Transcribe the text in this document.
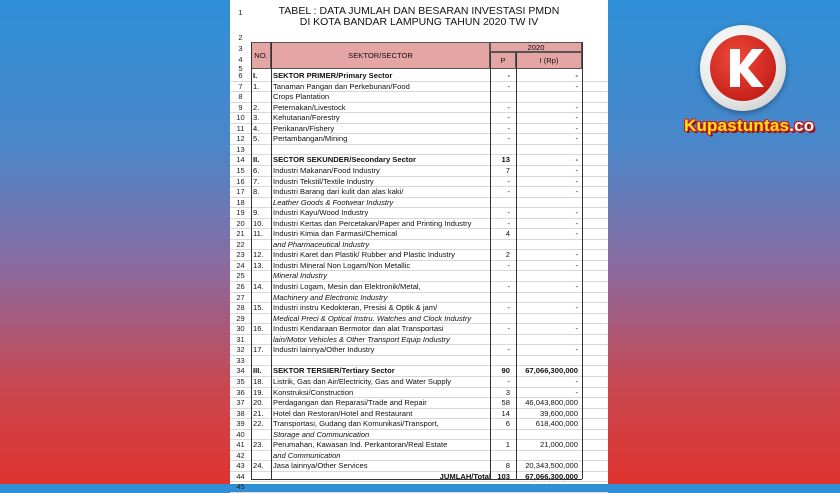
TABEL : DATA JUMLAH DAN BESARAN INVESTASI PMDN
DI KOTA BANDAR LAMPUNG TAHUN 2020 TW IV
NO.	SEKTOR/SECTOR
2020
P	I (Rp)
1
2
3
4
5
6	I. SEKTOR PRIMER/Primary Sector	-	-
7	1. Tanaman Pangan dan Perkebunan/Food	-	-
8	Crops Plantation
9	2. Peternakan/Livestock	-	-
10	3. Kehutanan/Forestry	-	-
11	4. Perikanan/Fishery	-	-
12	5. Pertambangan/Mining	-	-
13
14	II. SECTOR SEKUNDER/Secondary Sector	13	-
15	6. Industri Makanan/Food Industry	7	-
16	7. Industri Tekstil/Textile Industry	-	-
17	8. Industri Barang dari kulit dan alas kaki/	-	-
18	Leather Goods & Footwear Industry
19	9. Industri Kayu/Wood Industry	-	-
20	10. Industri Kertas dan Percetakan/Paper and Printing Industry	-	-
21	11. Industri Kimia dan Farmasi/Chemical	4	-
22	and Pharmaceutical Industry
23	12. Industri Karet dan Plastik/ Rubber and Plastic Industry	2	-
24	13. Industri Mineral Non Logam/Non Metallic	-	-
25	Mineral Industry
26	14. Industri Logam, Mesin dan Elektronik/Metal,	-	-
27	Machinery and Electronic Industry
28	15. Industri instru Kedokteran, Presisi & Optik & jam/	-	-
29	Medical Preci & Optical Instru. Watches and Clock Industry
30	16. Industri Kendaraan Bermotor dan alat Transportasi	-	-
31	lain/Motor Vehicles & Other Transport Equip Industry
32	17. Industri lainnya/Other Industry	-	-
33
34	III. SEKTOR TERSIER/Tertiary Sector	90	67,066,300,000
35	18. Listrik, Gas dan Air/Electricity, Gas and Water Supply	-	-
36	19. Konstruksi/Construction	3	-
37	20. Perdagangan dan Reparasi/Trade and Repair	58	46,043,800,000
38	21. Hotel dan Restoran/Hotel and Restaurant	14	39,600,000
39	22. Transportasi, Gudang dan Komunikasi/Transport,	6	618,400,000
40	Storage and Communication
41	23. Perumahan, Kawasan Ind. Perkantoran/Real Estate	1	21,000,000
42	and Communication
43	24. Jasa lainnya/Other Services	8	20,343,500,000
44	JUMLAH/Total 103	67,066,300,000
45
Kupastuntas.co
